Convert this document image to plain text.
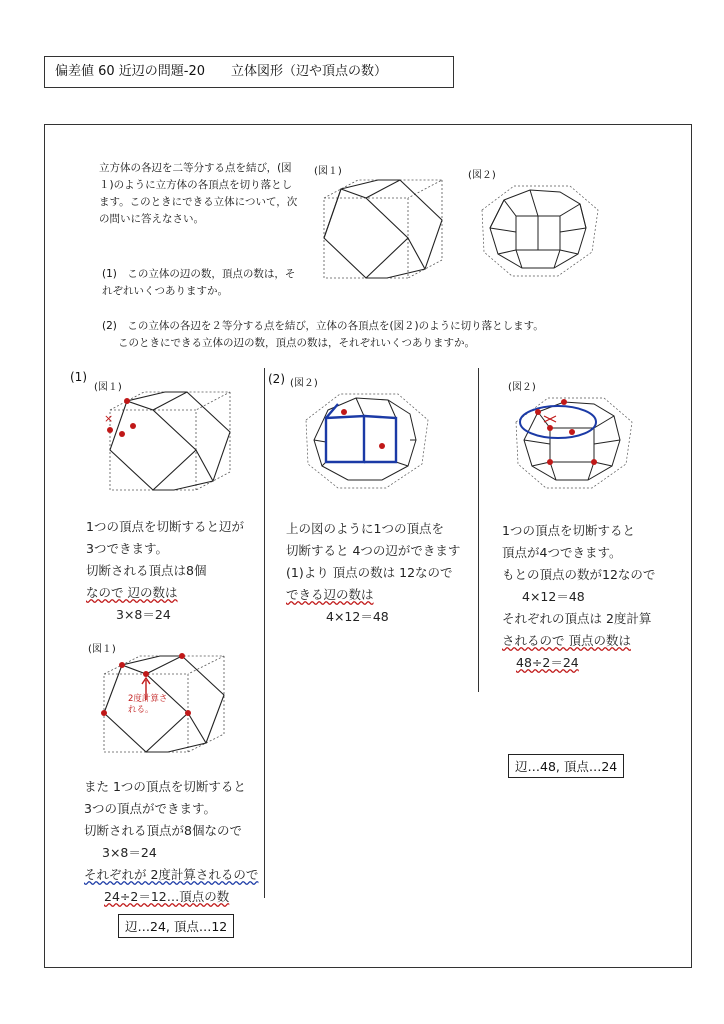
偏差値 60 近辺の問題-20　　立体図形（辺や頂点の数）
立方体の各辺を二等分する点を結び，(図１)のように立方体の各頂点を切り落とします。このときにできる立体について，次の問いに答えなさい。
(1)　この立体の辺の数，頂点の数は，それぞれいくつありますか。
(2)　この立体の各辺を２等分する点を結び，立体の各頂点を(図２)のように切り落とします。
このときにできる立体の辺の数，頂点の数は，それぞれいくつありますか。
(図１)	(図２)
(1)
(図１)
×
1つの頂点を切断すると辺が
3つできます。
切断される頂点は8個
なので 辺の数は
3×8＝24
(図１)
2度計算される。
また 1つの頂点を切断すると
3つの頂点ができます。
切断される頂点が8個なので
3×8＝24
それぞれが 2度計算されるので
24÷2＝12…頂点の数
辺…24, 頂点…12
(2) (図２)
上の図のように1つの頂点を
切断すると 4つの辺ができます
(1)より 頂点の数は 12なので
できる辺の数は
4×12＝48
(図２)
1つの頂点を切断すると
頂点が4つできます。
もとの頂点の数が12なので
4×12＝48
それぞれの頂点は 2度計算
されるので 頂点の数は
48÷2＝24
辺…48, 頂点…24
